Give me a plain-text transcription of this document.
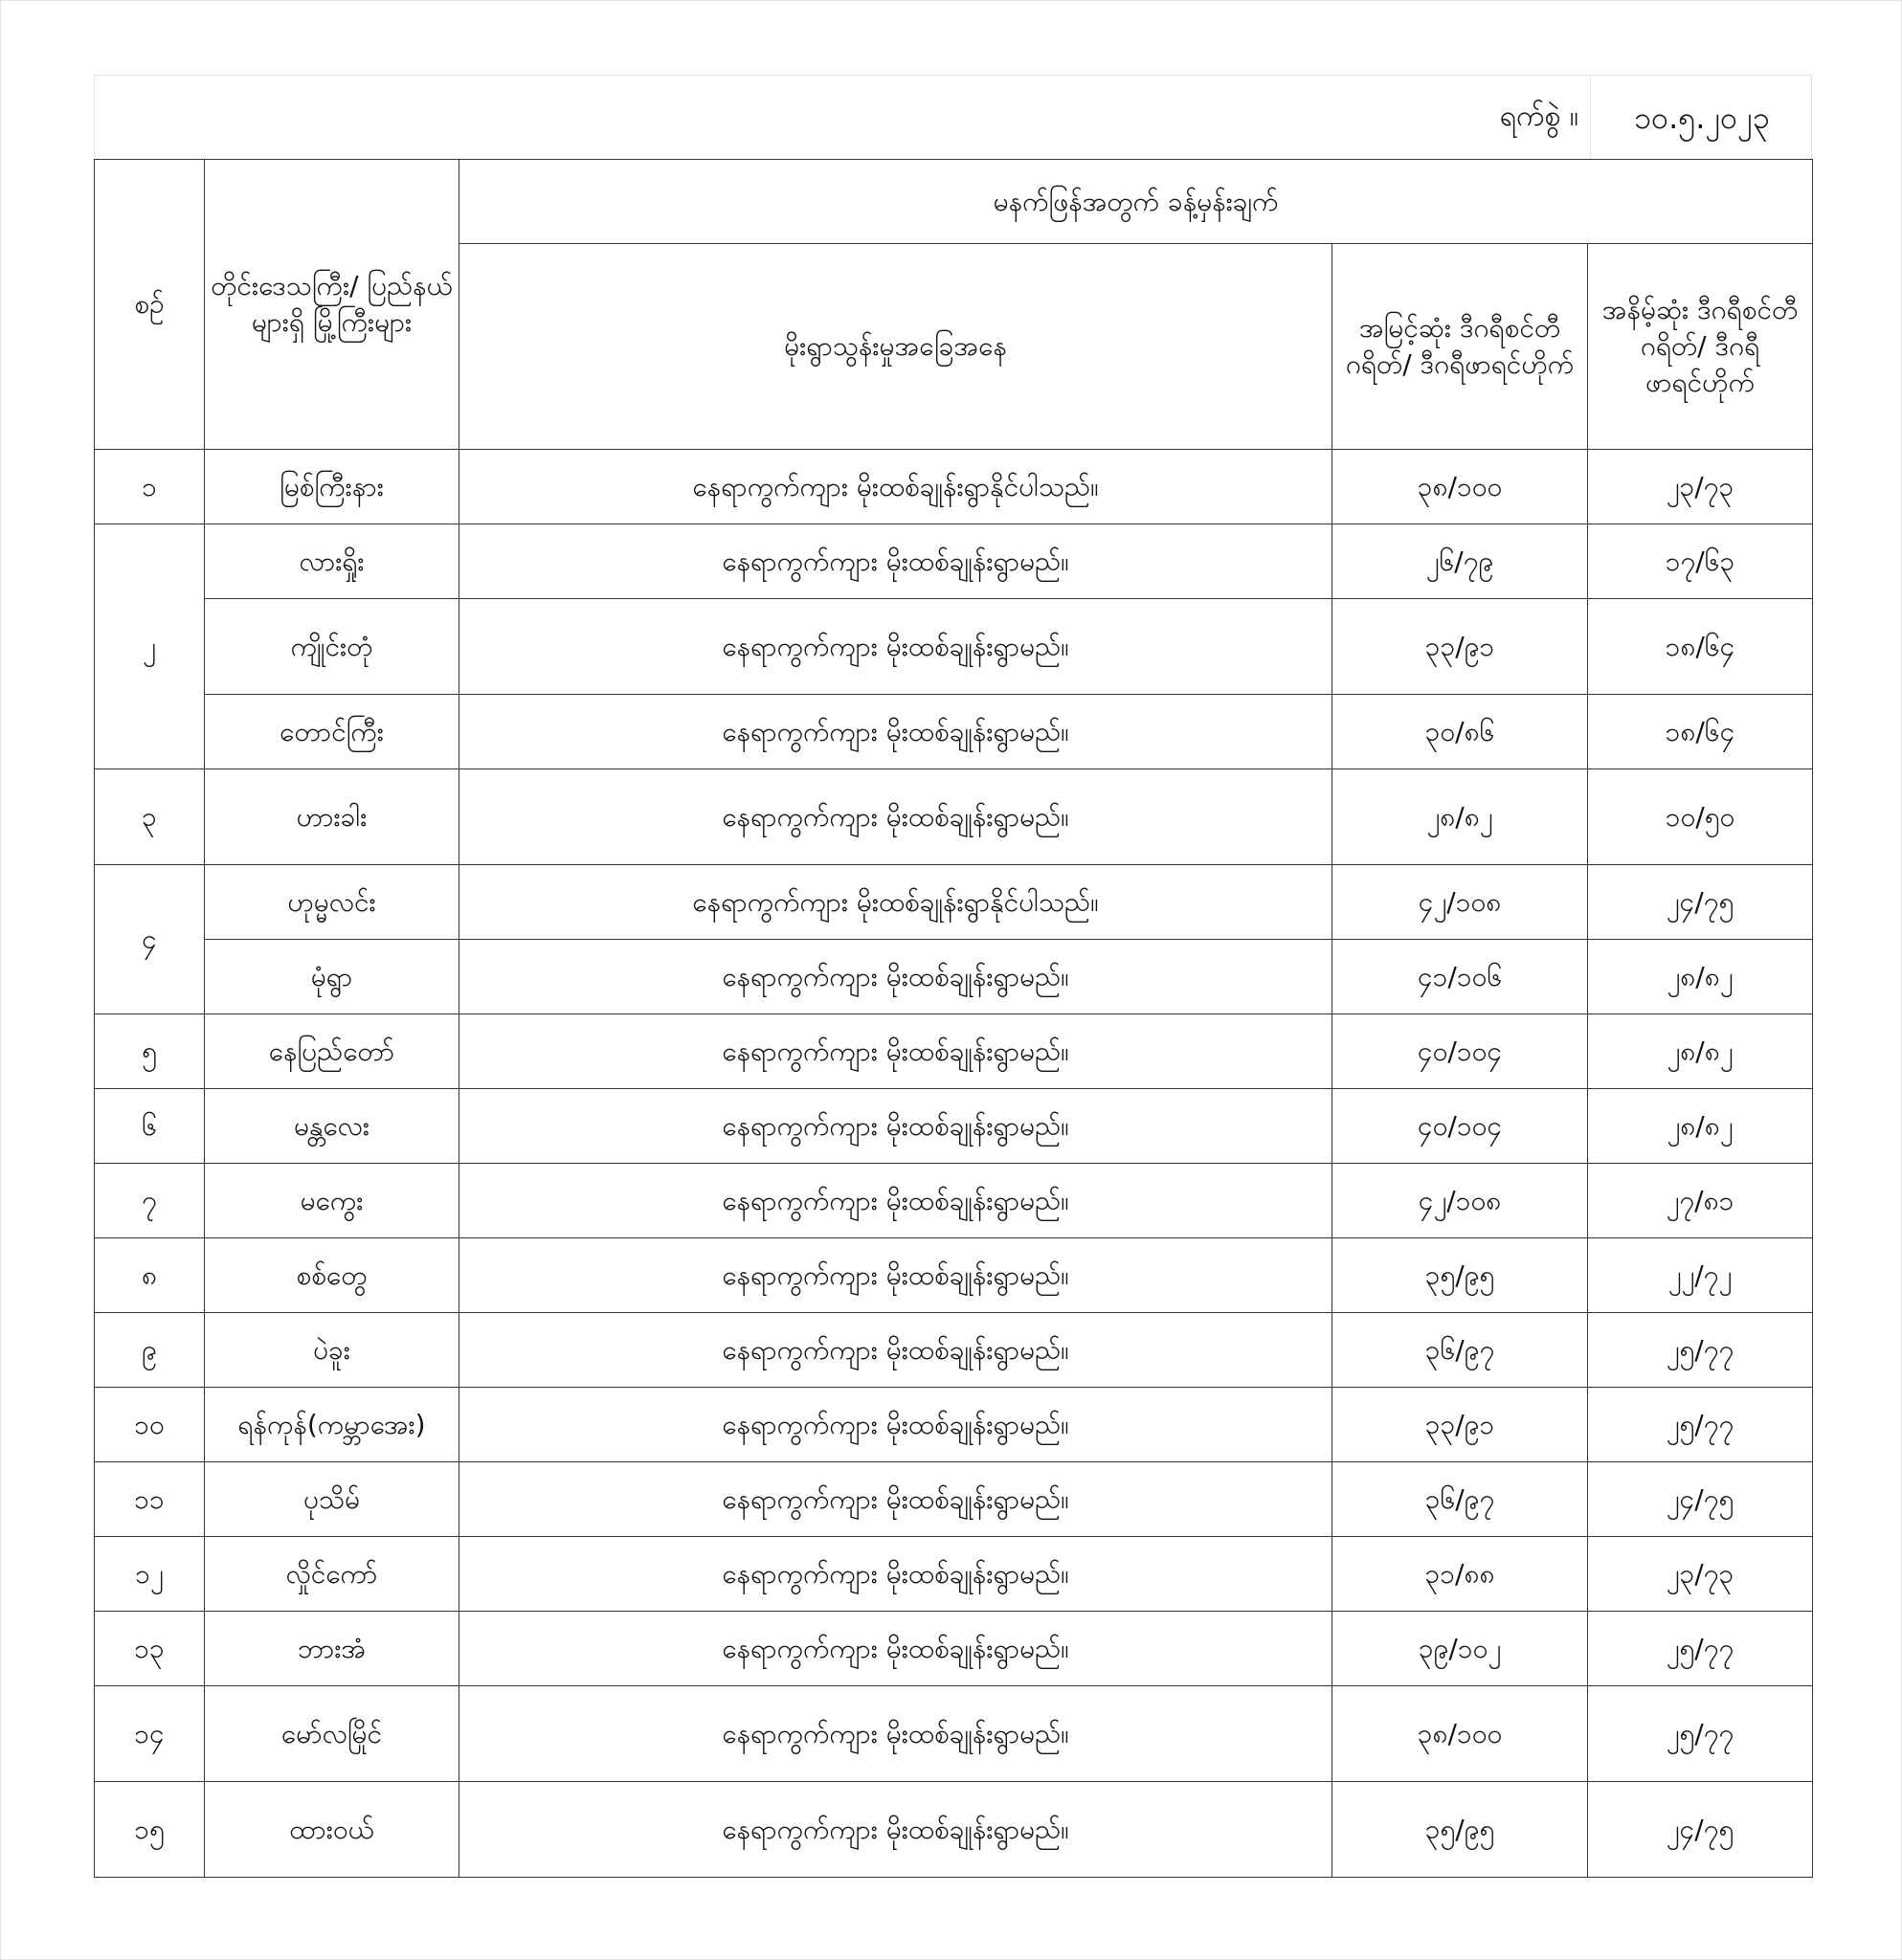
ရက်စွဲ ။	၁၀.၅.၂၀၂၃
စဉ်	တိုင်းဒေသကြီး/ ပြည်နယ်များရှိ မြို့ကြီးများ	မနက်ဖြန်အတွက် ခန့်မှန်းချက်		
		မိုးရွာသွန်းမှုအခြေအနေ	အမြင့်ဆုံး ဒီဂရီစင်တီဂရိတ်/ ဒီဂရီဖာရင်ဟိုက်	အနိမ့်ဆုံး ဒီဂရီစင်တီဂရိတ်/ ဒီဂရီဖာရင်ဟိုက်
၁	မြစ်ကြီးနား	နေရာကွက်ကျား မိုးထစ်ချုန်းရွာနိုင်ပါသည်။	၃၈/၁၀၀	၂၃/၇၃
၂	လားရှိုး	နေရာကွက်ကျား မိုးထစ်ချုန်းရွာမည်။	၂၆/၇၉	၁၇/၆၃
	ကျိုင်းတုံ	နေရာကွက်ကျား မိုးထစ်ချုန်းရွာမည်။	၃၃/၉၁	၁၈/၆၄
	တောင်ကြီး	နေရာကွက်ကျား မိုးထစ်ချုန်းရွာမည်။	၃၀/၈၆	၁၈/၆၄
၃	ဟားခါး	နေရာကွက်ကျား မိုးထစ်ချုန်းရွာမည်။	၂၈/၈၂	၁၀/၅၀
၄	ဟုမ္မလင်း	နေရာကွက်ကျား မိုးထစ်ချုန်းရွာနိုင်ပါသည်။	၄၂/၁၀၈	၂၄/၇၅
	မုံရွာ	နေရာကွက်ကျား မိုးထစ်ချုန်းရွာမည်။	၄၁/၁၀၆	၂၈/၈၂
၅	နေပြည်တော်	နေရာကွက်ကျား မိုးထစ်ချုန်းရွာမည်။	၄၀/၁၀၄	၂၈/၈၂
၆	မန္တလေး	နေရာကွက်ကျား မိုးထစ်ချုန်းရွာမည်။	၄၀/၁၀၄	၂၈/၈၂
၇	မကွေး	နေရာကွက်ကျား မိုးထစ်ချုန်းရွာမည်။	၄၂/၁၀၈	၂၇/၈၁
၈	စစ်တွေ	နေရာကွက်ကျား မိုးထစ်ချုန်းရွာမည်။	၃၅/၉၅	၂၂/၇၂
၉	ပဲခူး	နေရာကွက်ကျား မိုးထစ်ချုန်းရွာမည်။	၃၆/၉၇	၂၅/၇၇
၁၀	ရန်ကုန်(ကမ္ဘာအေး)	နေရာကွက်ကျား မိုးထစ်ချုန်းရွာမည်။	၃၃/၉၁	၂၅/၇၇
၁၁	ပုသိမ်	နေရာကွက်ကျား မိုးထစ်ချုန်းရွာမည်။	၃၆/၉၇	၂၄/၇၅
၁၂	လှိုင်ကော်	နေရာကွက်ကျား မိုးထစ်ချုန်းရွာမည်။	၃၁/၈၈	၂၃/၇၃
၁၃	ဘားအံ	နေရာကွက်ကျား မိုးထစ်ချုန်းရွာမည်။	၃၉/၁၀၂	၂၅/၇၇
၁၄	မော်လမြိုင်	နေရာကွက်ကျား မိုးထစ်ချုန်းရွာမည်။	၃၈/၁၀၀	၂၅/၇၇
၁၅	ထားဝယ်	နေရာကွက်ကျား မိုးထစ်ချုန်းရွာမည်။	၃၅/၉၅	၂၄/၇၅
